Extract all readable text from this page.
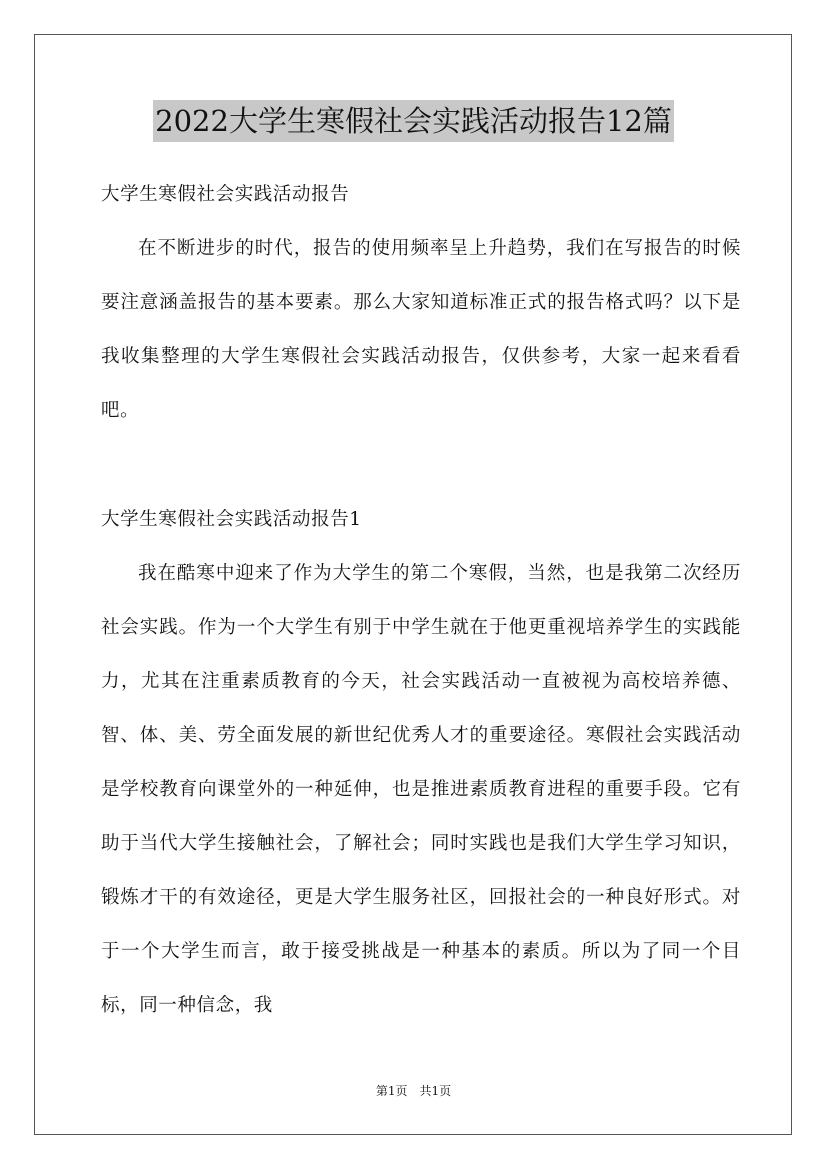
2022大学生寒假社会实践活动报告12篇

大学生寒假社会实践活动报告

在不断进步的时代，报告的使用频率呈上升趋势，我们在写报告的时候要注意涵盖报告的基本要素。那么大家知道标准正式的报告格式吗？以下是我收集整理的大学生寒假社会实践活动报告，仅供参考，大家一起来看看吧。

大学生寒假社会实践活动报告1

我在酷寒中迎来了作为大学生的第二个寒假，当然，也是我第二次经历社会实践。作为一个大学生有别于中学生就在于他更重视培养学生的实践能力，尤其在注重素质教育的今天，社会实践活动一直被视为高校培养德、智、体、美、劳全面发展的新世纪优秀人才的重要途径。寒假社会实践活动是学校教育向课堂外的一种延伸，也是推进素质教育进程的重要手段。它有助于当代大学生接触社会，了解社会；同时实践也是我们大学生学习知识，锻炼才干的有效途径，更是大学生服务社区，回报社会的一种良好形式。对于一个大学生而言，敢于接受挑战是一种基本的素质。所以为了同一个目标，同一种信念，我

第1页 共1页
